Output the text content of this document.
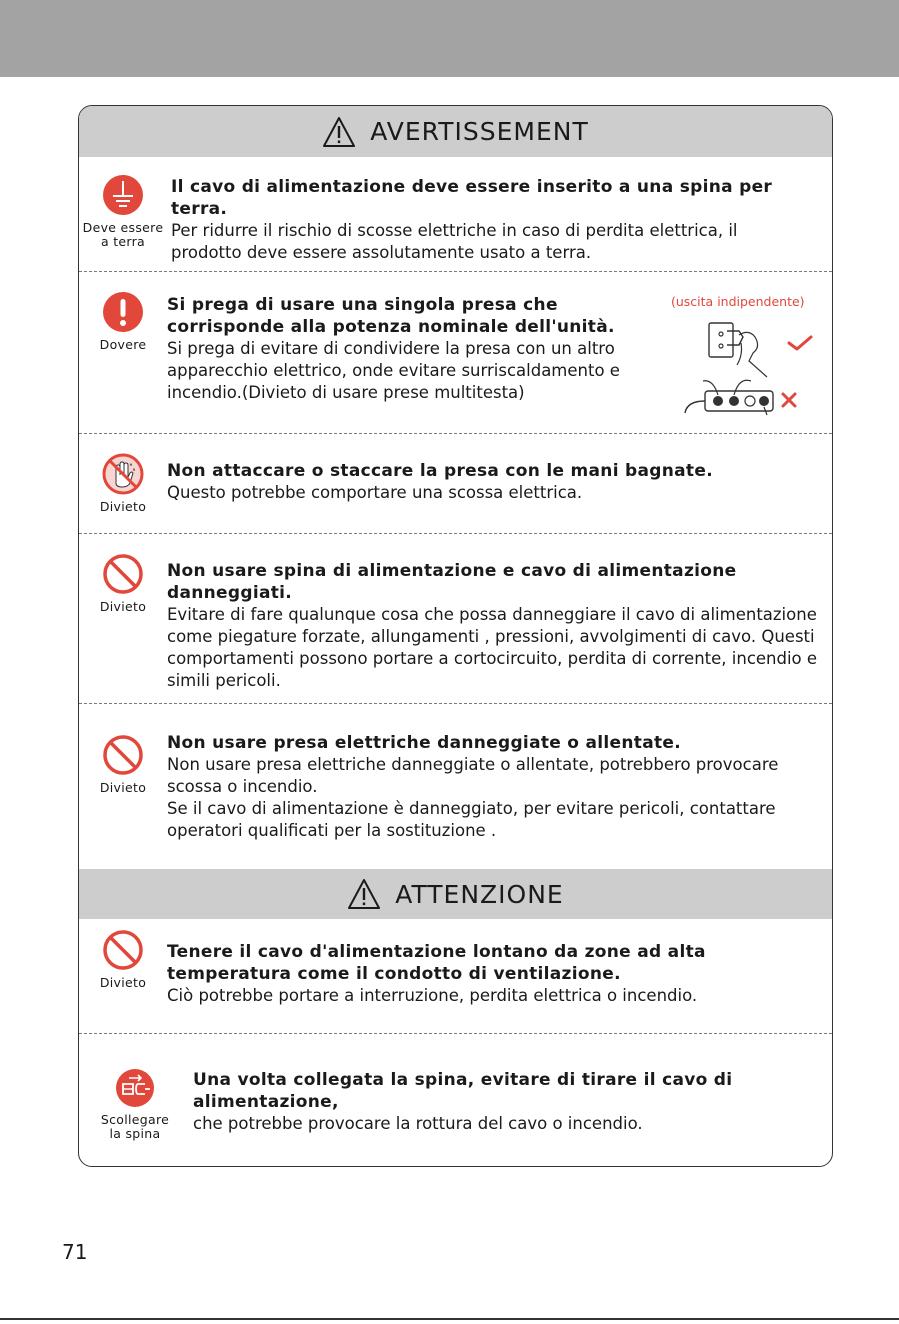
AVERTISSEMENT
Deve essere a terra

Il cavo di alimentazione deve essere inserito a una spina per terra.

Per ridurre il rischio di scosse elettriche in caso di perdita elettrica, il prodotto deve essere assolutamente usato a terra.

Dovere

Si prega di usare una singola presa che corrisponde alla potenza nominale dell'unità.

Si prega di evitare di condividere la presa con un altro apparecchio elettrico, onde evitare surriscaldamento e incendio.(Divieto di usare prese multitesta)

(uscita indipendente)
Divieto

Non attaccare o staccare la presa con le mani bagnate.

Questo potrebbe comportare una scossa elettrica.

Divieto

Non usare spina di alimentazione e cavo di alimentazione danneggiati.

Evitare di fare qualunque cosa che possa danneggiare il cavo di alimentazione come piegature forzate, allungamenti , pressioni, avvolgimenti di cavo. Questi comportamenti possono portare a cortocircuito, perdita di corrente, incendio e simili pericoli.

Divieto

Non usare presa elettriche danneggiate o allentate.

Non usare presa elettriche danneggiate o allentate, potrebbero provocare scossa o incendio.

Se il cavo di alimentazione è danneggiato, per evitare pericoli, contattare operatori qualificati per la sostituzione .

ATTENZIONE
Divieto

Tenere il cavo d'alimentazione lontano da zone ad alta temperatura come il condotto di ventilazione.

Ciò potrebbe portare a interruzione, perdita elettrica o incendio.

Scollegare la spina

Una volta collegata la spina, evitare di tirare il cavo di alimentazione,

che potrebbe provocare la rottura del cavo o incendio.

71
